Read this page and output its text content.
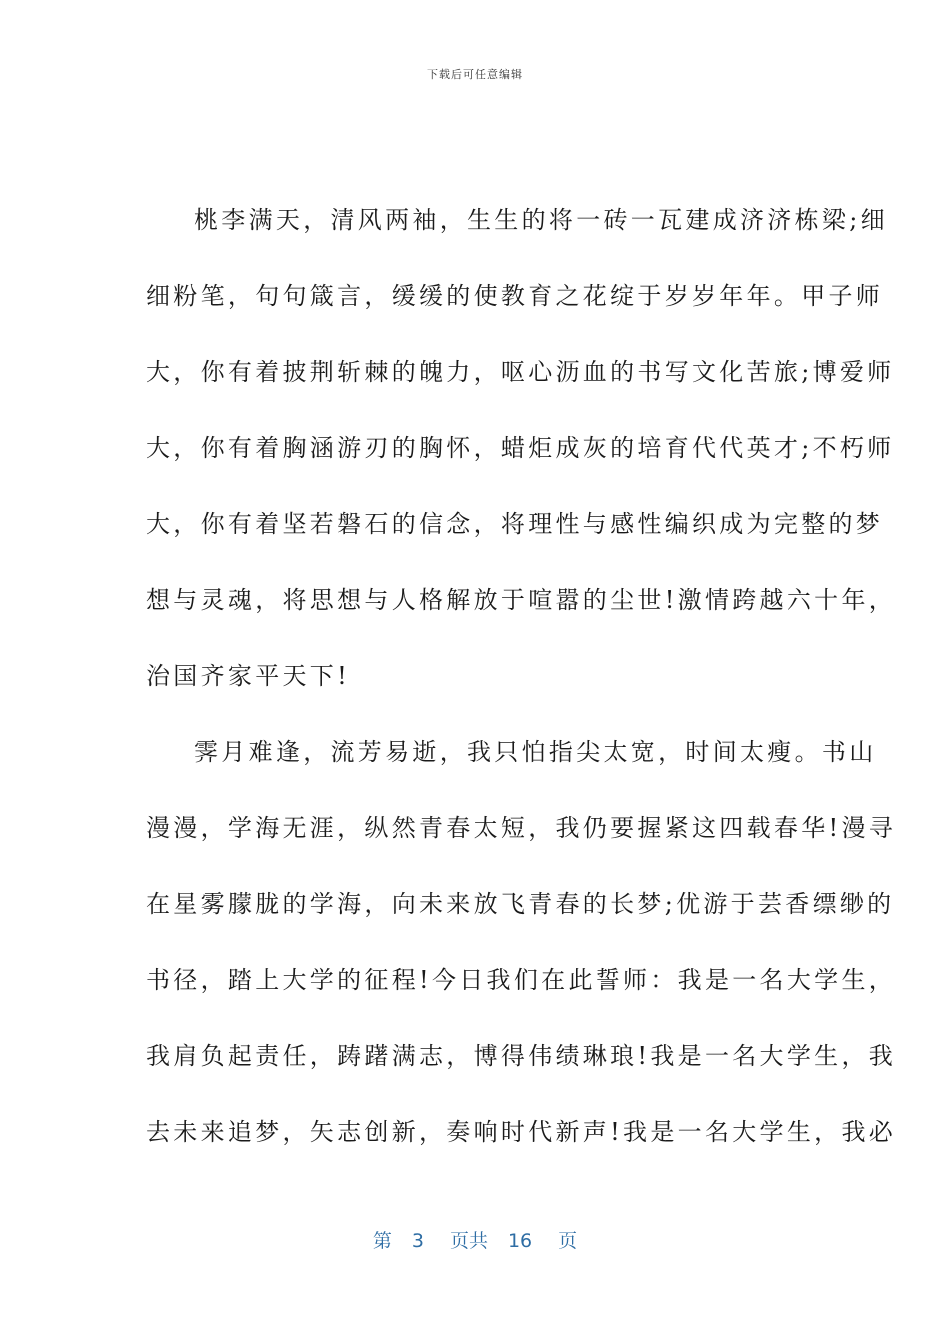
下载后可任意编辑
桃李满天，清风两袖，生生的将一砖一瓦建成济济栋梁;细
细粉笔，句句箴言，缓缓的使教育之花绽于岁岁年年。甲子师
大，你有着披荆斩棘的魄力，呕心沥血的书写文化苦旅;博爱师
大，你有着胸涵游刃的胸怀，蜡炬成灰的培育代代英才;不朽师
大，你有着坚若磐石的信念，将理性与感性编织成为完整的梦
想与灵魂，将思想与人格解放于喧嚣的尘世!激情跨越六十年，
治国齐家平天下!
霁月难逢，流芳易逝，我只怕指尖太宽，时间太瘦。书山
漫漫，学海无涯，纵然青春太短，我仍要握紧这四载春华!漫寻
在星雾朦胧的学海，向未来放飞青春的长梦;优游于芸香缥缈的
书径，踏上大学的征程!今日我们在此誓师：我是一名大学生，
我肩负起责任，踌躇满志，博得伟绩琳琅!我是一名大学生，我
去未来追梦，矢志创新，奏响时代新声!我是一名大学生，我必
第 3 页共 16 页
